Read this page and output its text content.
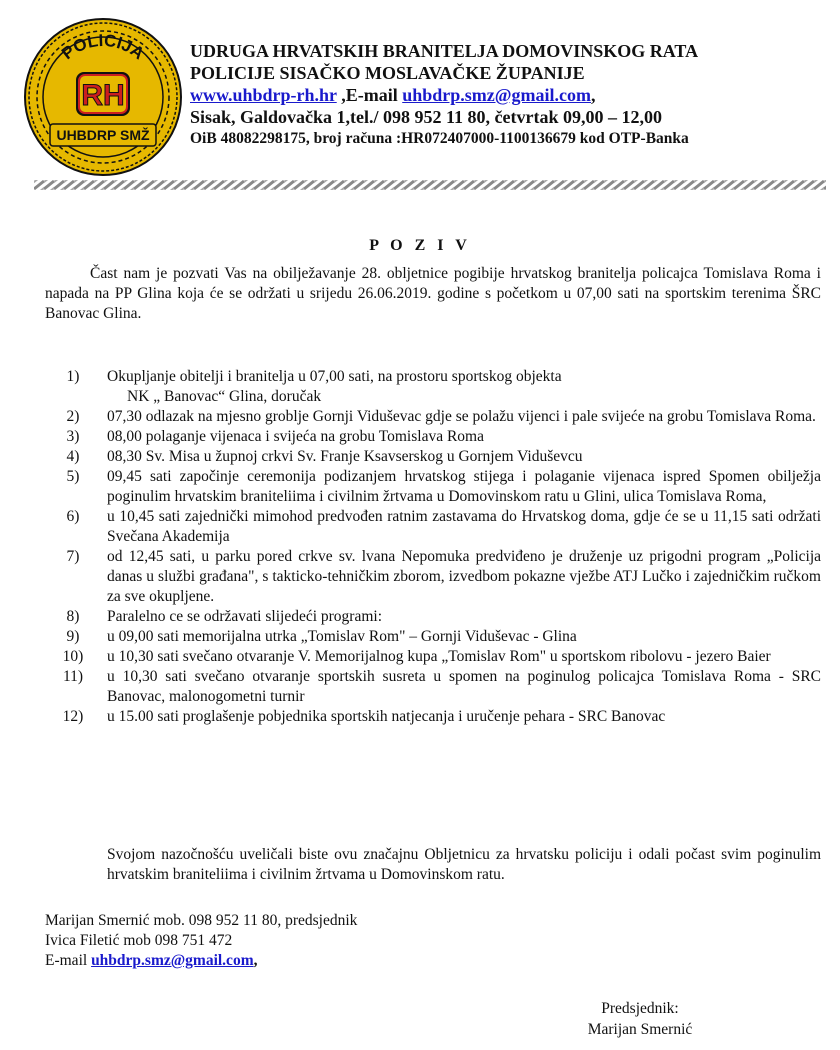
POLICIJA
RH
UHBDRP SMŽ
UDRUGA HRVATSKIH BRANITELJA DOMOVINSKOG RATA
POLICIJE SISAČKO MOSLAVAČKE ŽUPANIJE
www.uhbdrp-rh.hr ,E-mail uhbdrp.smz@gmail.com,
Sisak, Galdovačka 1,tel./ 098 952 11 80, četvrtak 09,00 – 12,00
OiB 48082298175, broj računa :HR072407000-1100136679 kod OTP-Banka
P O Z I V
Čast nam je pozvati Vas na obilježavanje 28. obljetnice pogibije hrvatskog branitelja policajca Tomislava Roma i napada na PP Glina koja će se održati u srijedu 26.06.2019. godine s početkom u 07,00 sati na sportskim terenima ŠRC Banovac Glina.
1)	Okupljanje obitelji i branitelja u 07,00 sati, na prostoru sportskog objekta
NK „ Banovac“ Glina, doručak
2)	07,30 odlazak na mjesno groblje Gornji Viduševac gdje se polažu vijenci i pale svijeće na grobu Tomislava Roma.
3)	08,00 polaganje vijenaca i svijeća na grobu Tomislava Roma
4)	08,30 Sv. Misa u župnoj crkvi Sv. Franje Ksavserskog u Gornjem Viduševcu
5)	09,45 sati započinje ceremonija podizanjem hrvatskog stijega i polaganie vijenaca ispred Spomen obilježja poginulim hrvatskim braniteliima i civilnim žrtvama u Domovinskom ratu u Glini, ulica Tomislava Roma,
6)	u 10,45 sati zajednički mimohod predvođen ratnim zastavama do Hrvatskog doma, gdje će se u 11,15 sati održati Svečana Akademija
7)	od 12,45 sati, u parku pored crkve sv. lvana Nepomuka predviđeno je druženje uz prigodni program „Policija danas u službi građana", s takticko-tehničkim zborom, izvedbom pokazne vježbe ATJ Lučko i zajedničkim ručkom za sve okupljene.
8)	Paralelno ce se održavati slijedeći programi:
9)	u 09,00 sati memorijalna utrka „Tomislav Rom" – Gornji Viduševac - Glina
10)	u 10,30 sati svečano otvaranje V. Memorijalnog kupa „Tomislav Rom" u sportskom ribolovu - jezero Baier
11)	u 10,30 sati svečano otvaranje sportskih susreta u spomen na poginulog policajca Tomislava Roma - SRC Banovac, malonogometni turnir
12)	u 15.00 sati proglašenje pobjednika sportskih natjecanja i uručenje pehara - SRC Banovac
Svojom nazočnošću uveličali biste ovu značajnu Obljetnicu za hrvatsku policiju i odali počast svim poginulim hrvatskim braniteliima i civilnim žrtvama u Domovinskom ratu.
Marijan Smernić mob. 098 952 11 80, predsjednik
Ivica Filetić mob 098 751 472
E-mail uhbdrp.smz@gmail.com,
Predsjednik:
Marijan Smernić
